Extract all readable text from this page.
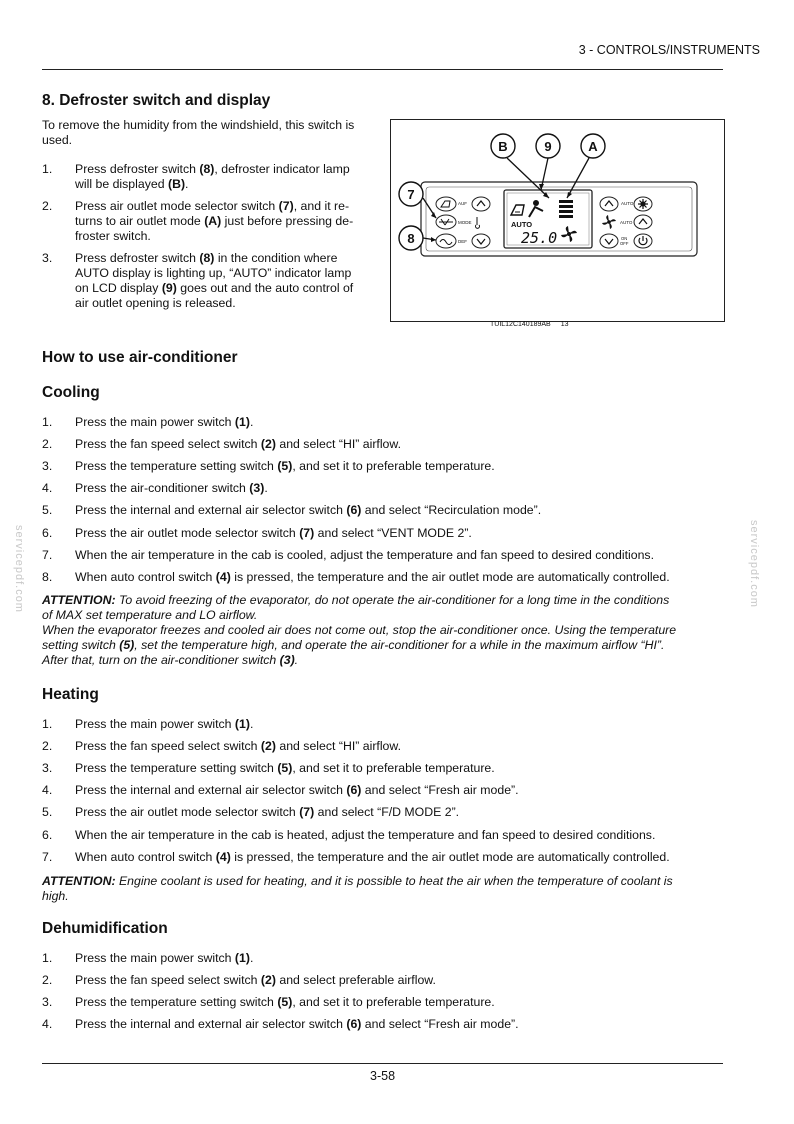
3 - CONTROLS/INSTRUMENTS
8. Defroster switch and display
To remove the humidity from the windshield, this switch is used.
1. Press defroster switch (8), defroster indicator lamp
will be displayed (B).
2. Press air outlet mode selector switch (7), and it re-
turns to air outlet mode (A) just before pressing de-
froster switch.
3. Press defroster switch (8) in the condition where
AUTO display is lighting up, “AUTO” indicator lamp
on LCD display (9) goes out and the auto control of
air outlet opening is released.
AUTO
25.0
AUF
MODE
DEF
AUTO
AUTO
ON
OFF
B	9	A
7
8
TUIL12C140189AB 13
How to use air-conditioner
Cooling
ATTENTION: To avoid freezing of the evaporator, do not operate the air-conditioner for a long time in the conditions
of MAX set temperature and LO airflow.
When the evaporator freezes and cooled air does not come out, stop the air-conditioner once. Using the temperature
setting switch (5), set the temperature high, and operate the air-conditioner for a while in the maximum airflow “HI”.
After that, turn on the air-conditioner switch (3).
Heating
ATTENTION: Engine coolant is used for heating, and it is possible to heat the air when the temperature of coolant is
high.
Dehumidification
servicepdf.com	servicepdf.com
3-58
1. Press the main power switch (1).
2. Press the fan speed select switch (2) and select “HI” airflow.
3. Press the temperature setting switch (5), and set it to preferable temperature.
4. Press the air-conditioner switch (3).
5. Press the internal and external air selector switch (6) and select “Recirculation mode”.
6. Press the air outlet mode selector switch (7) and select “VENT MODE 2”.
7. When the air temperature in the cab is cooled, adjust the temperature and fan speed to desired conditions.
8. When auto control switch (4) is pressed, the temperature and the air outlet mode are automatically controlled.
1. Press the main power switch (1).
2. Press the fan speed select switch (2) and select “HI” airflow.
3. Press the temperature setting switch (5), and set it to preferable temperature.
4. Press the internal and external air selector switch (6) and select “Fresh air mode”.
5. Press the air outlet mode selector switch (7) and select “F/D MODE 2”.
6. When the air temperature in the cab is heated, adjust the temperature and fan speed to desired conditions.
7. When auto control switch (4) is pressed, the temperature and the air outlet mode are automatically controlled.
1. Press the main power switch (1).
2. Press the fan speed select switch (2) and select preferable airflow.
3. Press the temperature setting switch (5), and set it to preferable temperature.
4. Press the internal and external air selector switch (6) and select “Fresh air mode”.
